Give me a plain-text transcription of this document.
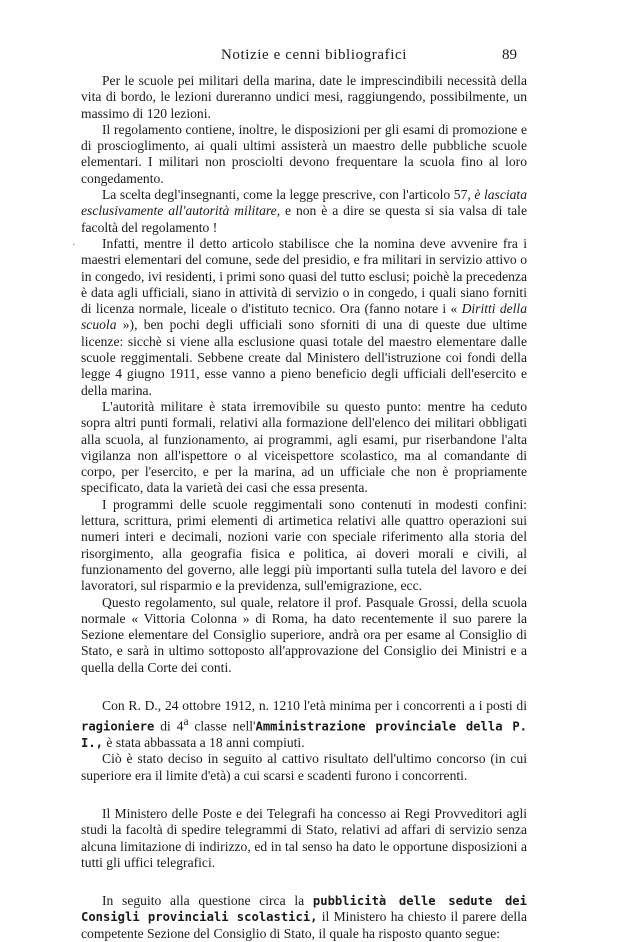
Notizie e cenni bibliografici	89
·

Per le scuole pei militari della marina, date le imprescindibili necessità della vita di bordo, le lezioni dureranno undici mesi, raggiungendo, possibilmente, un massimo di 120 lezioni.

Il regolamento contiene, inoltre, le disposizioni per gli esami di promozione e di proscioglimento, ai quali ultimi assisterà un maestro delle pubbliche scuole elementari. I militari non prosciolti devono frequentare la scuola fino al loro congedamento.

La scelta degl'insegnanti, come la legge prescrive, con l'articolo 57, è lasciata esclusivamente all'autorità militare, e non è a dire se questa si sia valsa di tale facoltà del regolamento !

Infatti, mentre il detto articolo stabilisce che la nomina deve avvenire fra i maestri elementari del comune, sede del presidio, e fra militari in servizio attivo o in congedo, ivi residenti, i primi sono quasi del tutto esclusi; poichè la precedenza è data agli ufficiali, siano in attività di servizio o in congedo, i quali siano forniti di licenza normale, liceale o d'istituto tecnico. Ora (fanno notare i « Diritti della scuola »), ben pochi degli ufficiali sono sforniti di una di queste due ultime licenze: sicchè si viene alla esclusione quasi totale del maestro elementare dalle scuole reggimentali. Sebbene create dal Ministero dell'istruzione coi fondi della legge 4 giugno 1911, esse vanno a pieno beneficio degli ufficiali dell'esercito e della marina.

L'autorità militare è stata irremovibile su questo punto: mentre ha ceduto sopra altri punti formali, relativi alla formazione dell'elenco dei militari obbligati alla scuola, al funzionamento, ai programmi, agli esami, pur riserbandone l'alta vigilanza non all'ispettore o al viceispettore scolastico, ma al comandante di corpo, per l'esercito, e per la marina, ad un ufficiale che non è propriamente specificato, data la varietà dei casi che essa presenta.

I programmi delle scuole reggimentali sono contenuti in modesti confini: lettura, scrittura, primi elementi di artimetica relativi alle quattro operazioni sui numeri interi e decimali, nozioni varie con speciale riferimento alla storia del risorgimento, alla geografia fisica e politica, ai doveri morali e civili, al funzionamento del governo, alle leggi più importanti sulla tutela del lavoro e dei lavoratori, sul risparmio e la previdenza, sull'emigrazione, ecc.

Questo regolamento, sul quale, relatore il prof. Pasquale Grossi, della scuola normale « Vittoria Colonna » di Roma, ha dato recentemente il suo parere la Sezione elementare del Consiglio superiore, andrà ora per esame al Consiglio di Stato, e sarà in ultimo sottoposto all'approvazione del Consiglio dei Ministri e a quella della Corte dei conti.

Con R. D., 24 ottobre 1912, n. 1210 l'età minima per i concorrenti a i posti di ragioniere di 4$^a$ classe nell'Amministrazione provinciale della P. I., è stata abbassata a 18 anni compiuti.

Ciò è stato deciso in seguito al cattivo risultato dell'ultimo concorso (in cui superiore era il limite d'età) a cui scarsi e scadenti furono i concorrenti.

Il Ministero delle Poste e dei Telegrafi ha concesso ai Regi Provveditori agli studi la facoltà di spedire telegrammi di Stato, relativi ad affari di servizio senza alcuna limitazione di indirizzo, ed in tal senso ha dato le opportune disposizioni a tutti gli uffici telegrafici.

In seguito alla questione circa la pubblicità delle sedute dei Consigli provinciali scolastici, il Ministero ha chiesto il parere della competente Sezione del Consiglio di Stato, il quale ha risposto quanto segue:
